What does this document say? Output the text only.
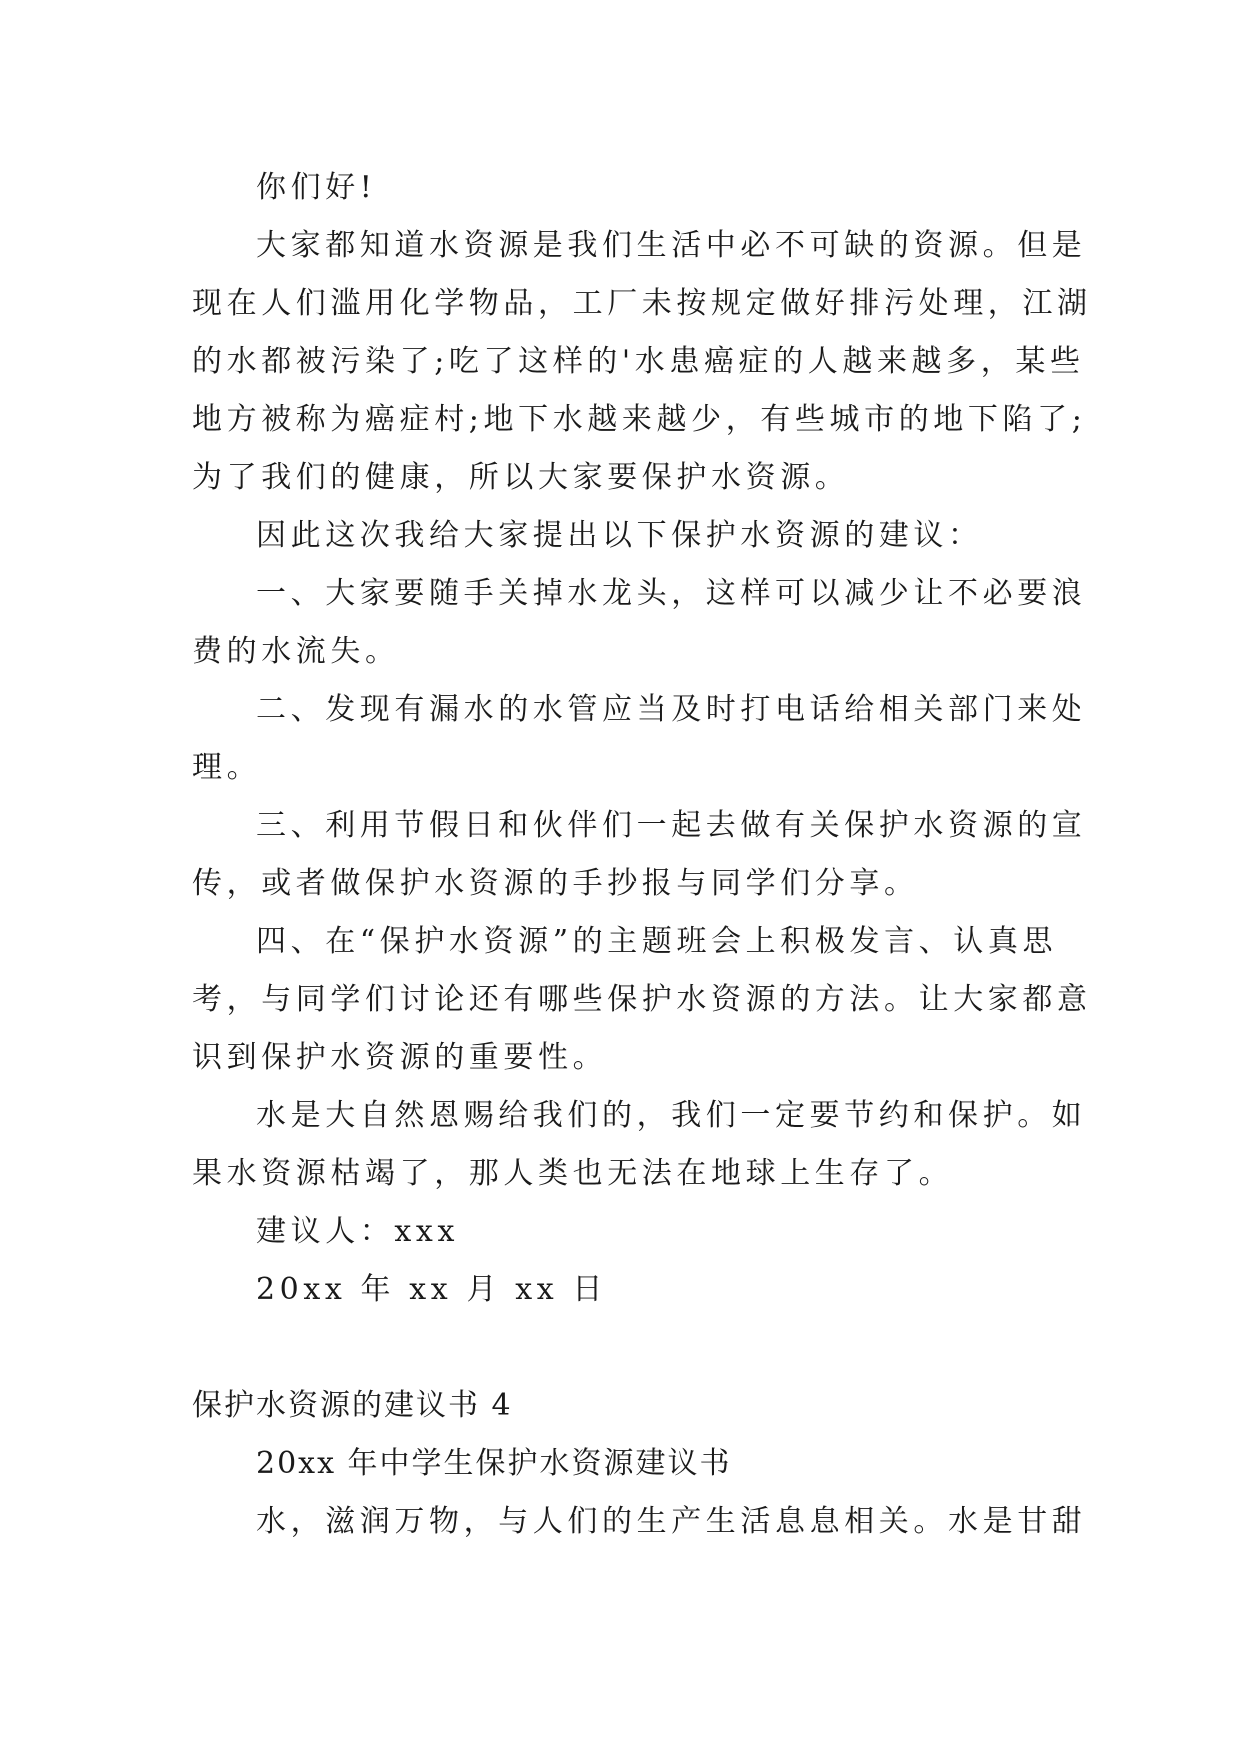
你们好!
大家都知道水资源是我们生活中必不可缺的资源。但是
现在人们滥用化学物品，工厂未按规定做好排污处理，江湖
的水都被污染了;吃了这样的'水患癌症的人越来越多，某些
地方被称为癌症村;地下水越来越少，有些城市的地下陷了;
为了我们的健康，所以大家要保护水资源。
因此这次我给大家提出以下保护水资源的建议：
一、大家要随手关掉水龙头，这样可以减少让不必要浪
费的水流失。
二、发现有漏水的水管应当及时打电话给相关部门来处
理。
三、利用节假日和伙伴们一起去做有关保护水资源的宣
传，或者做保护水资源的手抄报与同学们分享。
四、在“保护水资源”的主题班会上积极发言、认真思
考，与同学们讨论还有哪些保护水资源的方法。让大家都意
识到保护水资源的重要性。
水是大自然恩赐给我们的，我们一定要节约和保护。如
果水资源枯竭了，那人类也无法在地球上生存了。
建议人：xxx
20xx 年 xx 月 xx 日
保护水资源的建议书 4
20xx 年中学生保护水资源建议书
水，滋润万物，与人们的生产生活息息相关。水是甘甜
